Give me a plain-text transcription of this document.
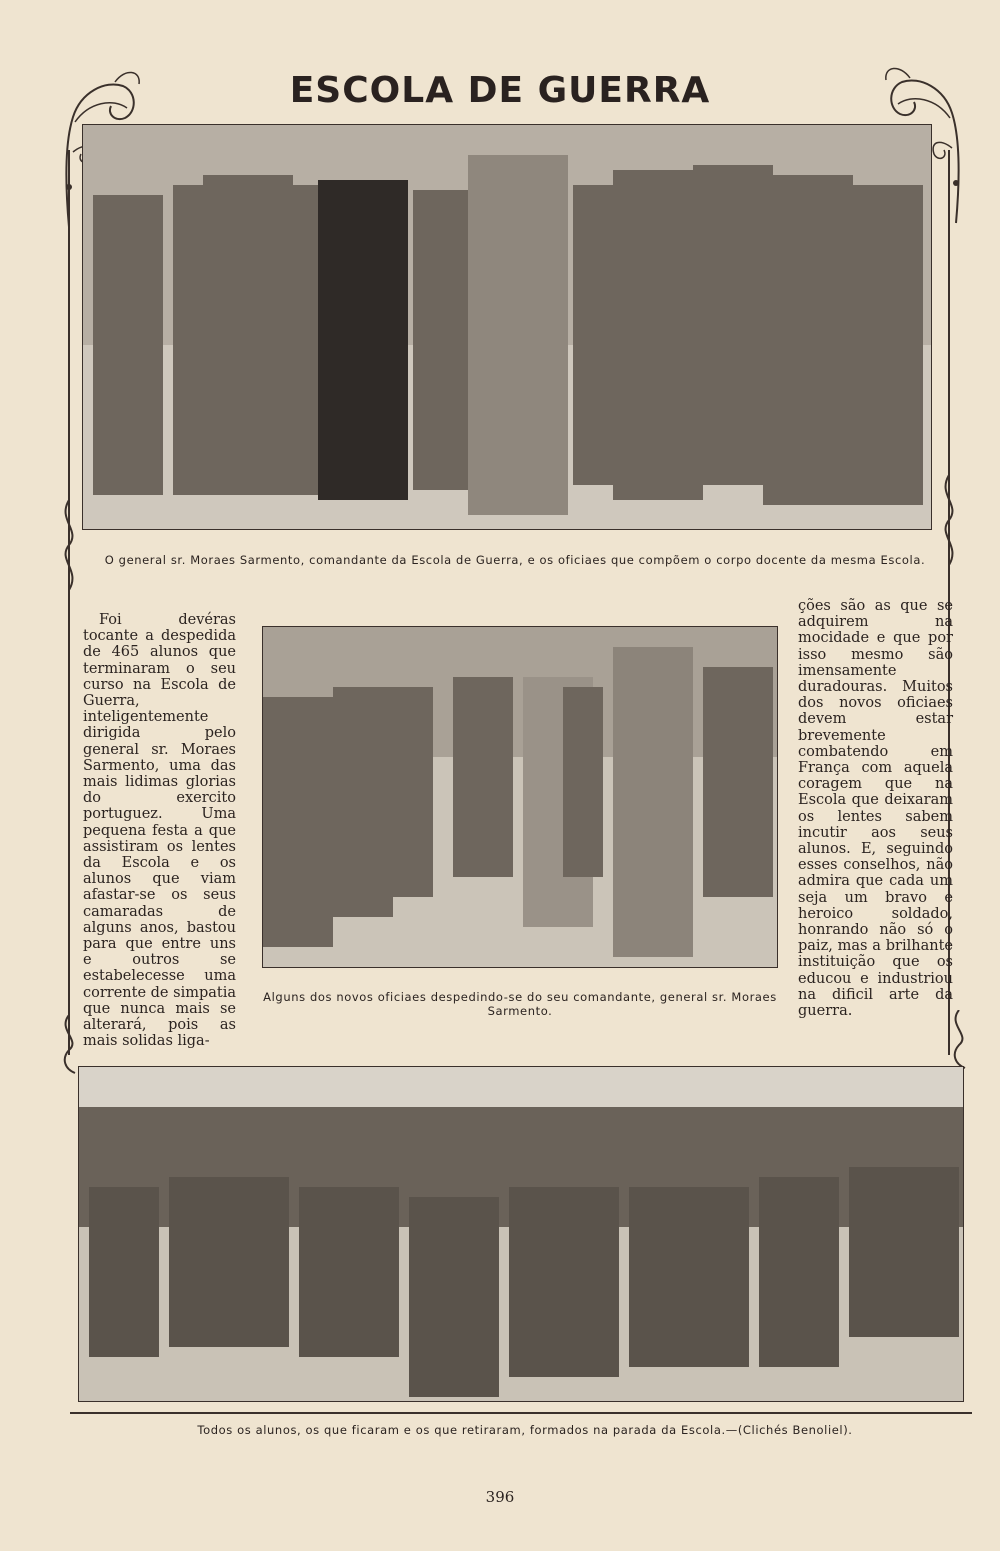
ESCOLA DE GUERRA
O general sr. Moraes Sarmento, comandante da Escola de Guerra, e os oficiaes que compõem o corpo docente da mesma Escola.

Foi devéras tocante a despedida de 465 alunos que terminaram o seu curso na Escola de Guerra, inteligentemente dirigida pelo general sr. Moraes Sarmento, uma das mais lidimas glorias do exercito portuguez. Uma pequena festa a que assistiram os lentes da Escola e os alunos que viam afastar-se os seus camaradas de alguns anos, bastou para que entre uns e outros se estabelecesse uma corrente de simpatia que nunca mais se alterará, pois as mais solidas liga-

Alguns dos novos oficiaes despedindo-se do seu comandante, general sr. Moraes Sarmento.

ções são as que se adquirem na mocidade e que por isso mesmo são imensamente duradouras. Muitos dos novos oficiaes devem estar brevemente combatendo em França com aquela coragem que na Escola que deixaram os lentes sabem incutir aos seus alunos. E, seguindo esses conselhos, não admira que cada um seja um bravo e heroico soldado, honrando não só o paiz, mas a brilhante instituição que os educou e industriou na dificil arte da guerra.

Todos os alunos, os que ficaram e os que retiraram, formados na parada da Escola.—(Clichés Benoliel).
396
